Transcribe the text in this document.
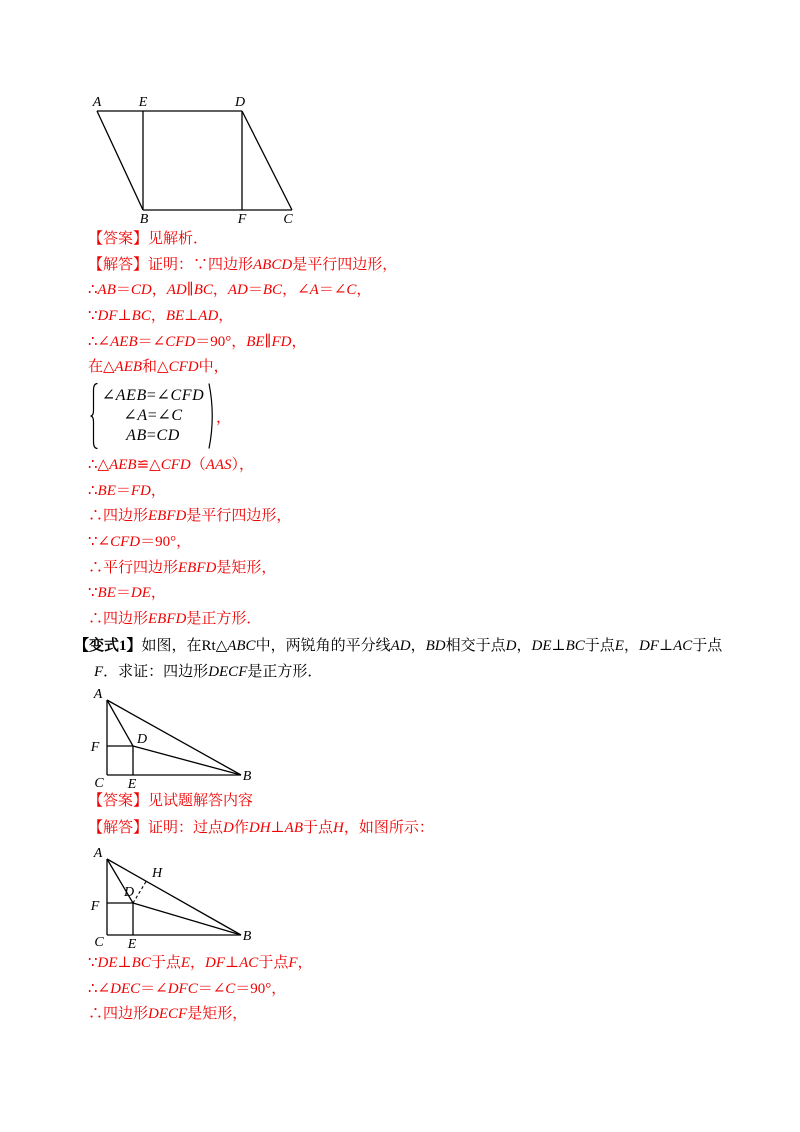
A	E	D
B	F	C
【答案】见解析．
【解答】证明：∵四边形ABCD是平行四边形，
∴AB＝CD，AD∥BC，AD＝BC，∠A＝∠C，
∵DF⊥BC，BE⊥AD，
∴∠AEB＝∠CFD＝90°，BE∥FD，
在△AEB和△CFD中，
∠AEB=∠CFD
∠A=∠C
AB=CD
，
∴△AEB≌△CFD（AAS），
∴BE＝FD，
∴四边形EBFD是平行四边形，
∵∠CFD＝90°，
∴平行四边形EBFD是矩形，
∵BE＝DE，
∴四边形EBFD是正方形．
【变式1】如图，在Rt△ABC中，两锐角的平分线AD，BD相交于点D，DE⊥BC于点E，DF⊥AC于点
F．求证：四边形DECF是正方形．
A
F
D
C E
B
【答案】见试题解答内容
【解答】证明：过点D作DH⊥AB于点H，如图所示：
A
H
D
F
C E
B
∵DE⊥BC于点E，DF⊥AC于点F，
∴∠DEC＝∠DFC＝∠C＝90°，
∴四边形DECF是矩形，
